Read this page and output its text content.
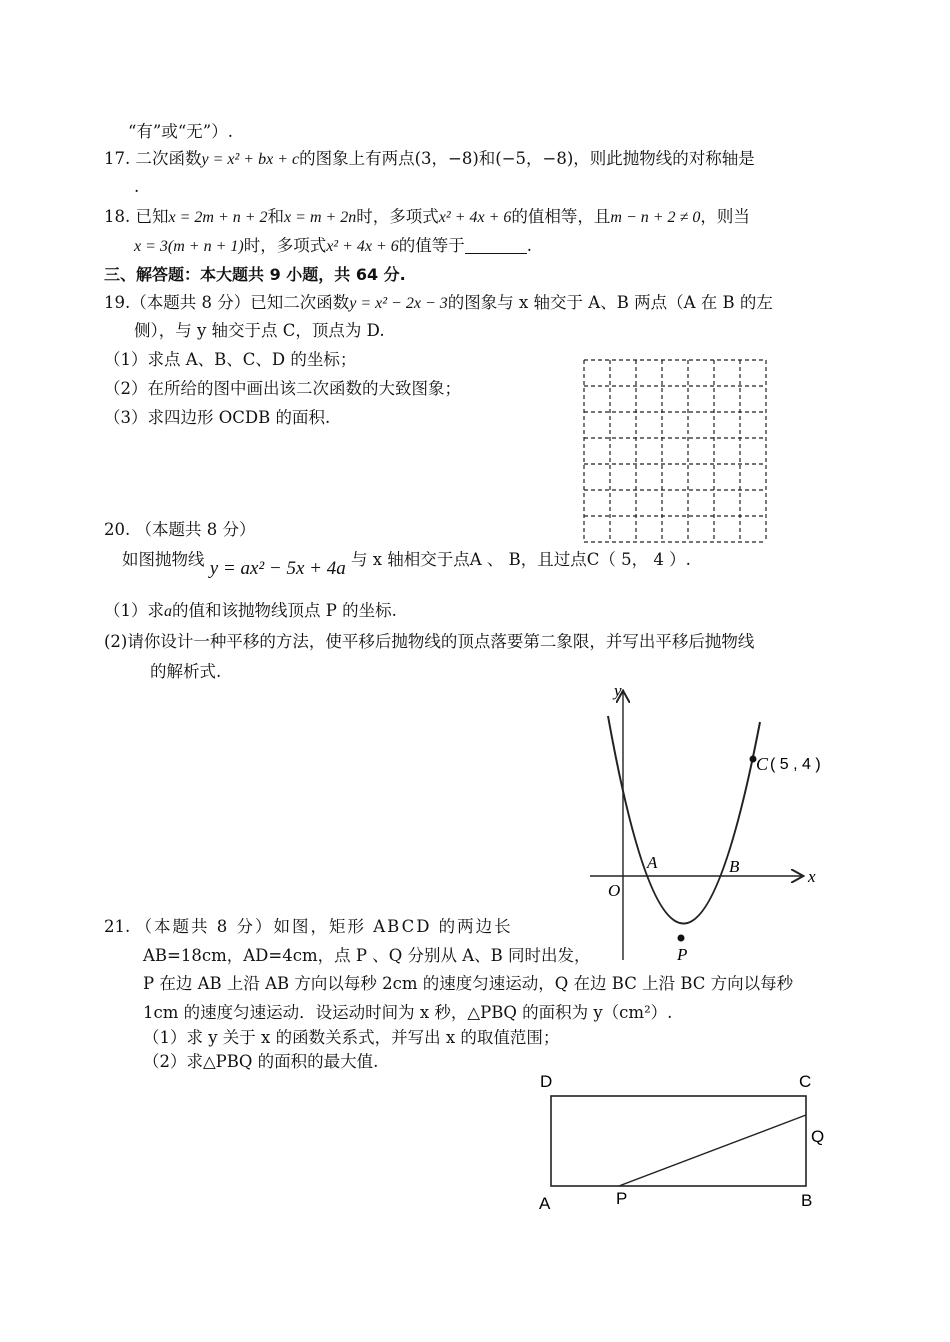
“有”或“无”）.
17. 二次函数y = x² + bx + c的图象上有两点(3，−8)和(−5，−8)，则此抛物线的对称轴是
.
18. 已知x = 2m + n + 2和x = m + 2n时，多项式x² + 4x + 6的值相等，且m − n + 2 ≠ 0，则当
x = 3(m + n + 1)时，多项式x² + 4x + 6的值等于	.
三、解答题：本大题共 9 小题，共 64 分.
19.（本题共 8 分）已知二次函数y = x² − 2x − 3的图象与 x 轴交于 A、B 两点（A 在 B 的左
侧），与 y 轴交于点 C，顶点为 D.
（1）求点 A、B、C、D 的坐标；
（2）在所给的图中画出该二次函数的大致图象；
（3）求四边形 OCDB 的面积.
20. （本题共 8 分）
如图抛物线 y = ax² − 5x + 4a 与 x 轴相交于点A 、 B，且过点C（ 5， 4 ）.
（1）求a的值和该抛物线顶点 P 的坐标.
(2)请你设计一种平移的方法，使平移后抛物线的顶点落要第二象限，并写出平移后抛物线
的解析式.
y
x
O
A	B
P
C ( 5 , 4 )
21. （本题共 8 分）如图，矩形 ABCD 的两边长
AB=18cm，AD=4cm，点 P 、Q 分别从 A、B 同时出发，
P 在边 AB 上沿 AB 方向以每秒 2cm 的速度匀速运动，Q 在边 BC 上沿 BC 方向以每秒
1cm 的速度匀速运动．设运动时间为 x 秒，△PBQ 的面积为 y（cm²）.
（1）求 y 关于 x 的函数关系式，并写出 x 的取值范围；
（2）求△PBQ 的面积的最大值.
D	C
A	B
P
Q
